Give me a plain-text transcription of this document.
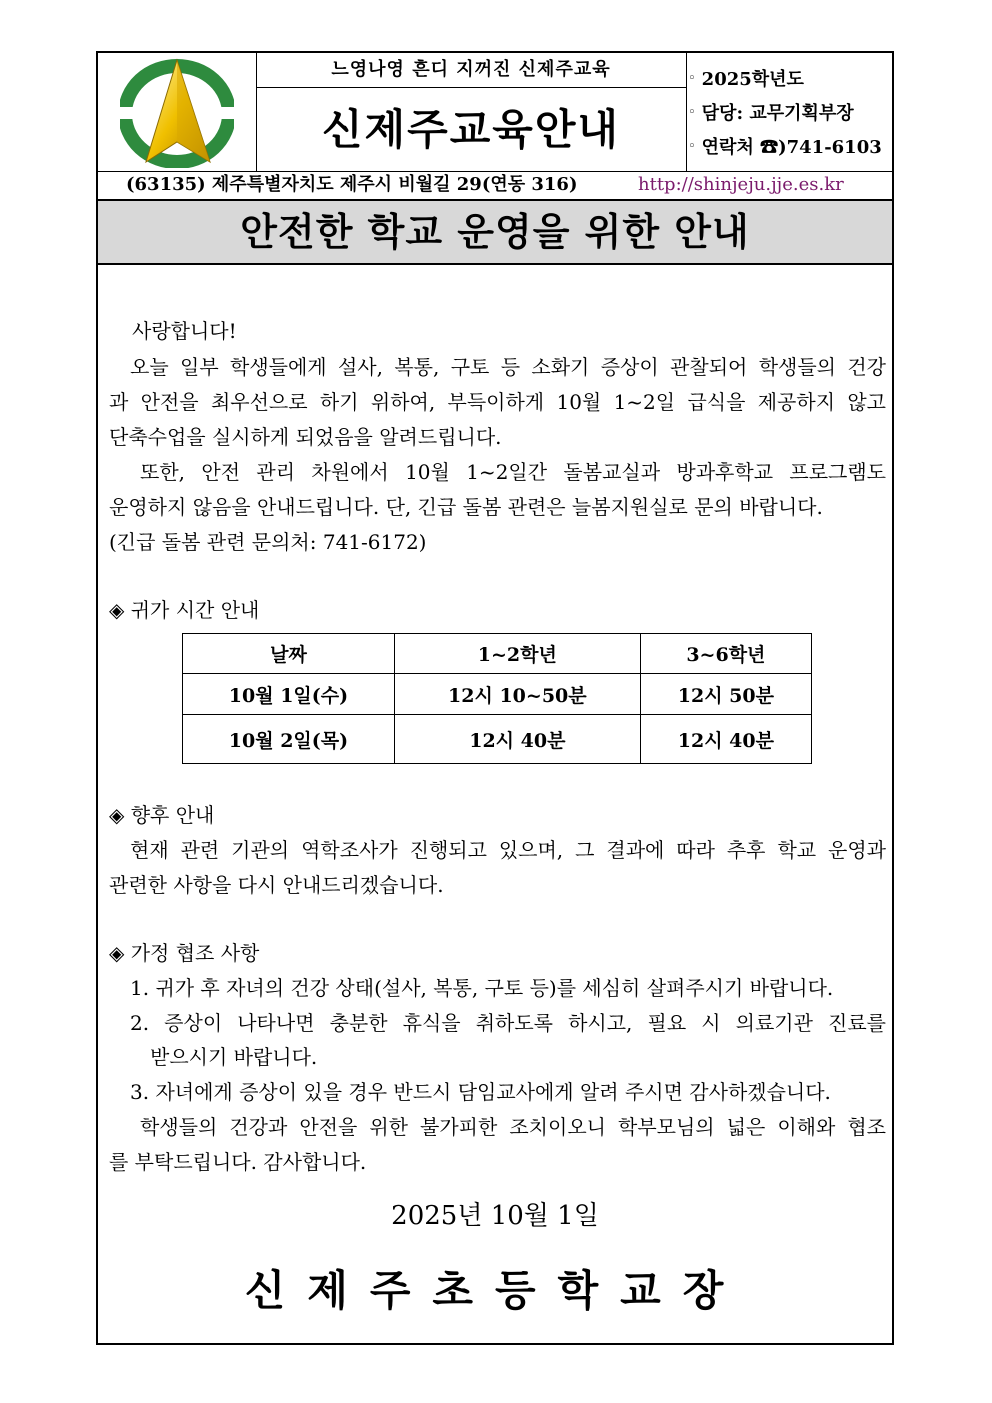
느영나영 흔디 지꺼진 신제주교육
신제주교육안내
◦ 2025학년도
◦ 담당: 교무기획부장
◦ 연락처 ☎)741-6103
(63135) 제주특별자치도 제주시 비월길 29(연동 316)	http://shinjeju.jje.es.kr
안전한 학교 운영을 위한 안내
사랑합니다!
오늘 일부 학생들에게 설사, 복통, 구토 등 소화기 증상이 관찰되어 학생들의 건강
과 안전을 최우선으로 하기 위하여, 부득이하게 10월 1~2일 급식을 제공하지 않고
단축수업을 실시하게 되었음을 알려드립니다.
또한, 안전 관리 차원에서 10월 1~2일간 돌봄교실과 방과후학교 프로그램도
운영하지 않음을 안내드립니다. 단, 긴급 돌봄 관련은 늘봄지원실로 문의 바랍니다.
(긴급 돌봄 관련 문의처: 741-6172)
◈ 귀가 시간 안내
날짜	1~2학년	3~6학년
10월 1일(수)	12시 10~50분	12시 50분
10월 2일(목)	12시 40분	12시 40분
◈ 향후 안내
현재 관련 기관의 역학조사가 진행되고 있으며, 그 결과에 따라 추후 학교 운영과
관련한 사항을 다시 안내드리겠습니다.
◈ 가정 협조 사항
1. 귀가 후 자녀의 건강 상태(설사, 복통, 구토 등)를 세심히 살펴주시기 바랍니다.
2. 증상이 나타나면 충분한 휴식을 취하도록 하시고, 필요 시 의료기관 진료를
받으시기 바랍니다.
3. 자녀에게 증상이 있을 경우 반드시 담임교사에게 알려 주시면 감사하겠습니다.
학생들의 건강과 안전을 위한 불가피한 조치이오니 학부모님의 넓은 이해와 협조
를 부탁드립니다. 감사합니다.
2025년 10월 1일
신제주초등학교장
